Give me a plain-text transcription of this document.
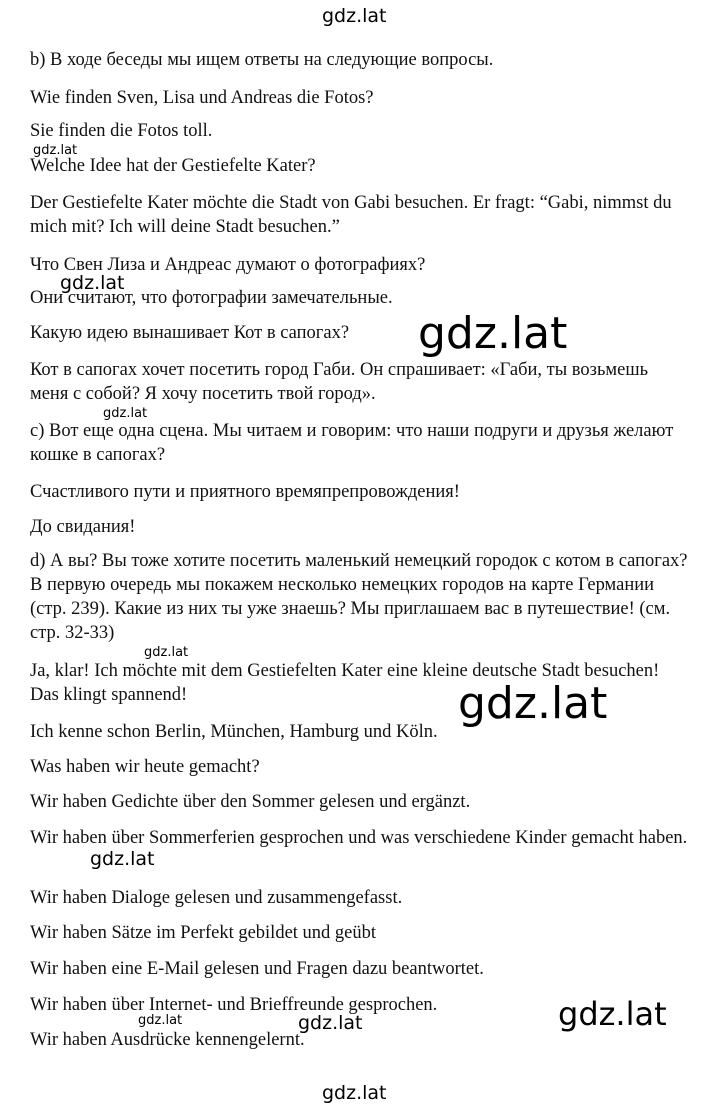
b) В ходе беседы мы ищем ответы на следующие вопросы.

Wie finden Sven, Lisa und Andreas die Fotos?

Sie finden die Fotos toll.

Welche Idee hat der Gestiefelte Kater?

Der Gestiefelte Kater möchte die Stadt von Gabi besuchen. Er fragt: “Gabi, nimmst du mich mit? Ich will deine Stadt besuchen.”

Что Свен Лиза и Андреас думают о фотографиях?

Они считают, что фотографии замечательные.

Какую идею вынашивает Кот в сапогах?

Кот в сапогах хочет посетить город Габи. Он спрашивает: «Габи, ты возьмешь меня с собой? Я хочу посетить твой город».

c) Вот еще одна сцена. Мы читаем и говорим: что наши подруги и друзья желают кошке в сапогах?

Счастливого пути и приятного времяпрепровождения!

До свидания!

d) А вы? Вы тоже хотите посетить маленький немецкий городок с котом в сапогах? В первую очередь мы покажем несколько немецких городов на карте Германии (стр. 239). Какие из них ты уже знаешь? Мы приглашаем вас в путешествие! (см. стр. 32-33)

Ja, klar! Ich möchte mit dem Gestiefelten Kater eine kleine deutsche Stadt besuchen! Das klingt spannend!

Ich kenne schon Berlin, München, Hamburg und Köln.

Was haben wir heute gemacht?

Wir haben Gedichte über den Sommer gelesen und ergänzt.

Wir haben über Sommerferien gesprochen und was verschiedene Kinder gemacht haben.

Wir haben Dialoge gelesen und zusammengefasst.

Wir haben Sätze im Perfekt gebildet und geübt

Wir haben eine E-Mail gelesen und Fragen dazu beantwortet.

Wir haben über Internet- und Brieffreunde gesprochen.

Wir haben Ausdrücke kennengelernt.

gdz.lat
gdz.lat
gdz.lat
gdz.lat
gdz.lat
gdz.lat
gdz.lat
gdz.lat
gdz.lat
gdz.lat	gdz.lat
gdz.lat
